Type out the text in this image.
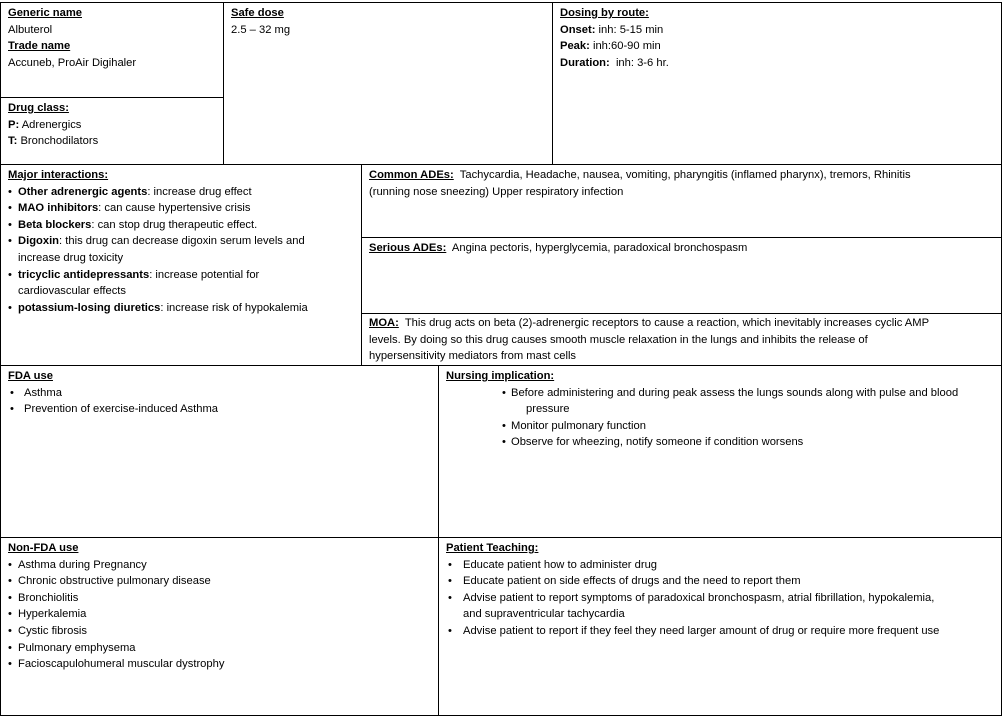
Generic name
Albuterol
Trade name
Accuneb, ProAir Digihaler
Drug class:
P: Adrenergics
T: Bronchodilators
Safe dose
2.5 – 32 mg
Dosing by route:
Onset: inh: 5-15 min
Peak: inh:60-90 min
Duration: inh: 3-6 hr.
Major interactions:
• Other adrenergic agents: increase drug effect
• MAO inhibitors: can cause hypertensive crisis
• Beta blockers: can stop drug therapeutic effect.
• Digoxin: this drug can decrease digoxin serum levels and
increase drug toxicity
• tricyclic antidepressants: increase potential for
cardiovascular effects
• potassium-losing diuretics: increase risk of hypokalemia
Common ADEs: Tachycardia, Headache, nausea, vomiting, pharyngitis (inflamed pharynx), tremors, Rhinitis
(running nose sneezing) Upper respiratory infection
Serious ADEs: Angina pectoris, hyperglycemia, paradoxical bronchospasm
MOA: This drug acts on beta (2)-adrenergic receptors to cause a reaction, which inevitably increases cyclic AMP
levels. By doing so this drug causes smooth muscle relaxation in the lungs and inhibits the release of
hypersensitivity mediators from mast cells
FDA use
• Asthma
• Prevention of exercise-induced Asthma
Nursing implication:
• Before administering and during peak assess the lungs sounds along with pulse and blood
pressure
• Monitor pulmonary function
• Observe for wheezing, notify someone if condition worsens
Non-FDA use
• Asthma during Pregnancy
• Chronic obstructive pulmonary disease
• Bronchiolitis
• Hyperkalemia
• Cystic fibrosis
• Pulmonary emphysema
• Facioscapulohumeral muscular dystrophy
Patient Teaching:
• Educate patient how to administer drug
• Educate patient on side effects of drugs and the need to report them
• Advise patient to report symptoms of paradoxical bronchospasm, atrial fibrillation, hypokalemia,
and supraventricular tachycardia
• Advise patient to report if they feel they need larger amount of drug or require more frequent use
